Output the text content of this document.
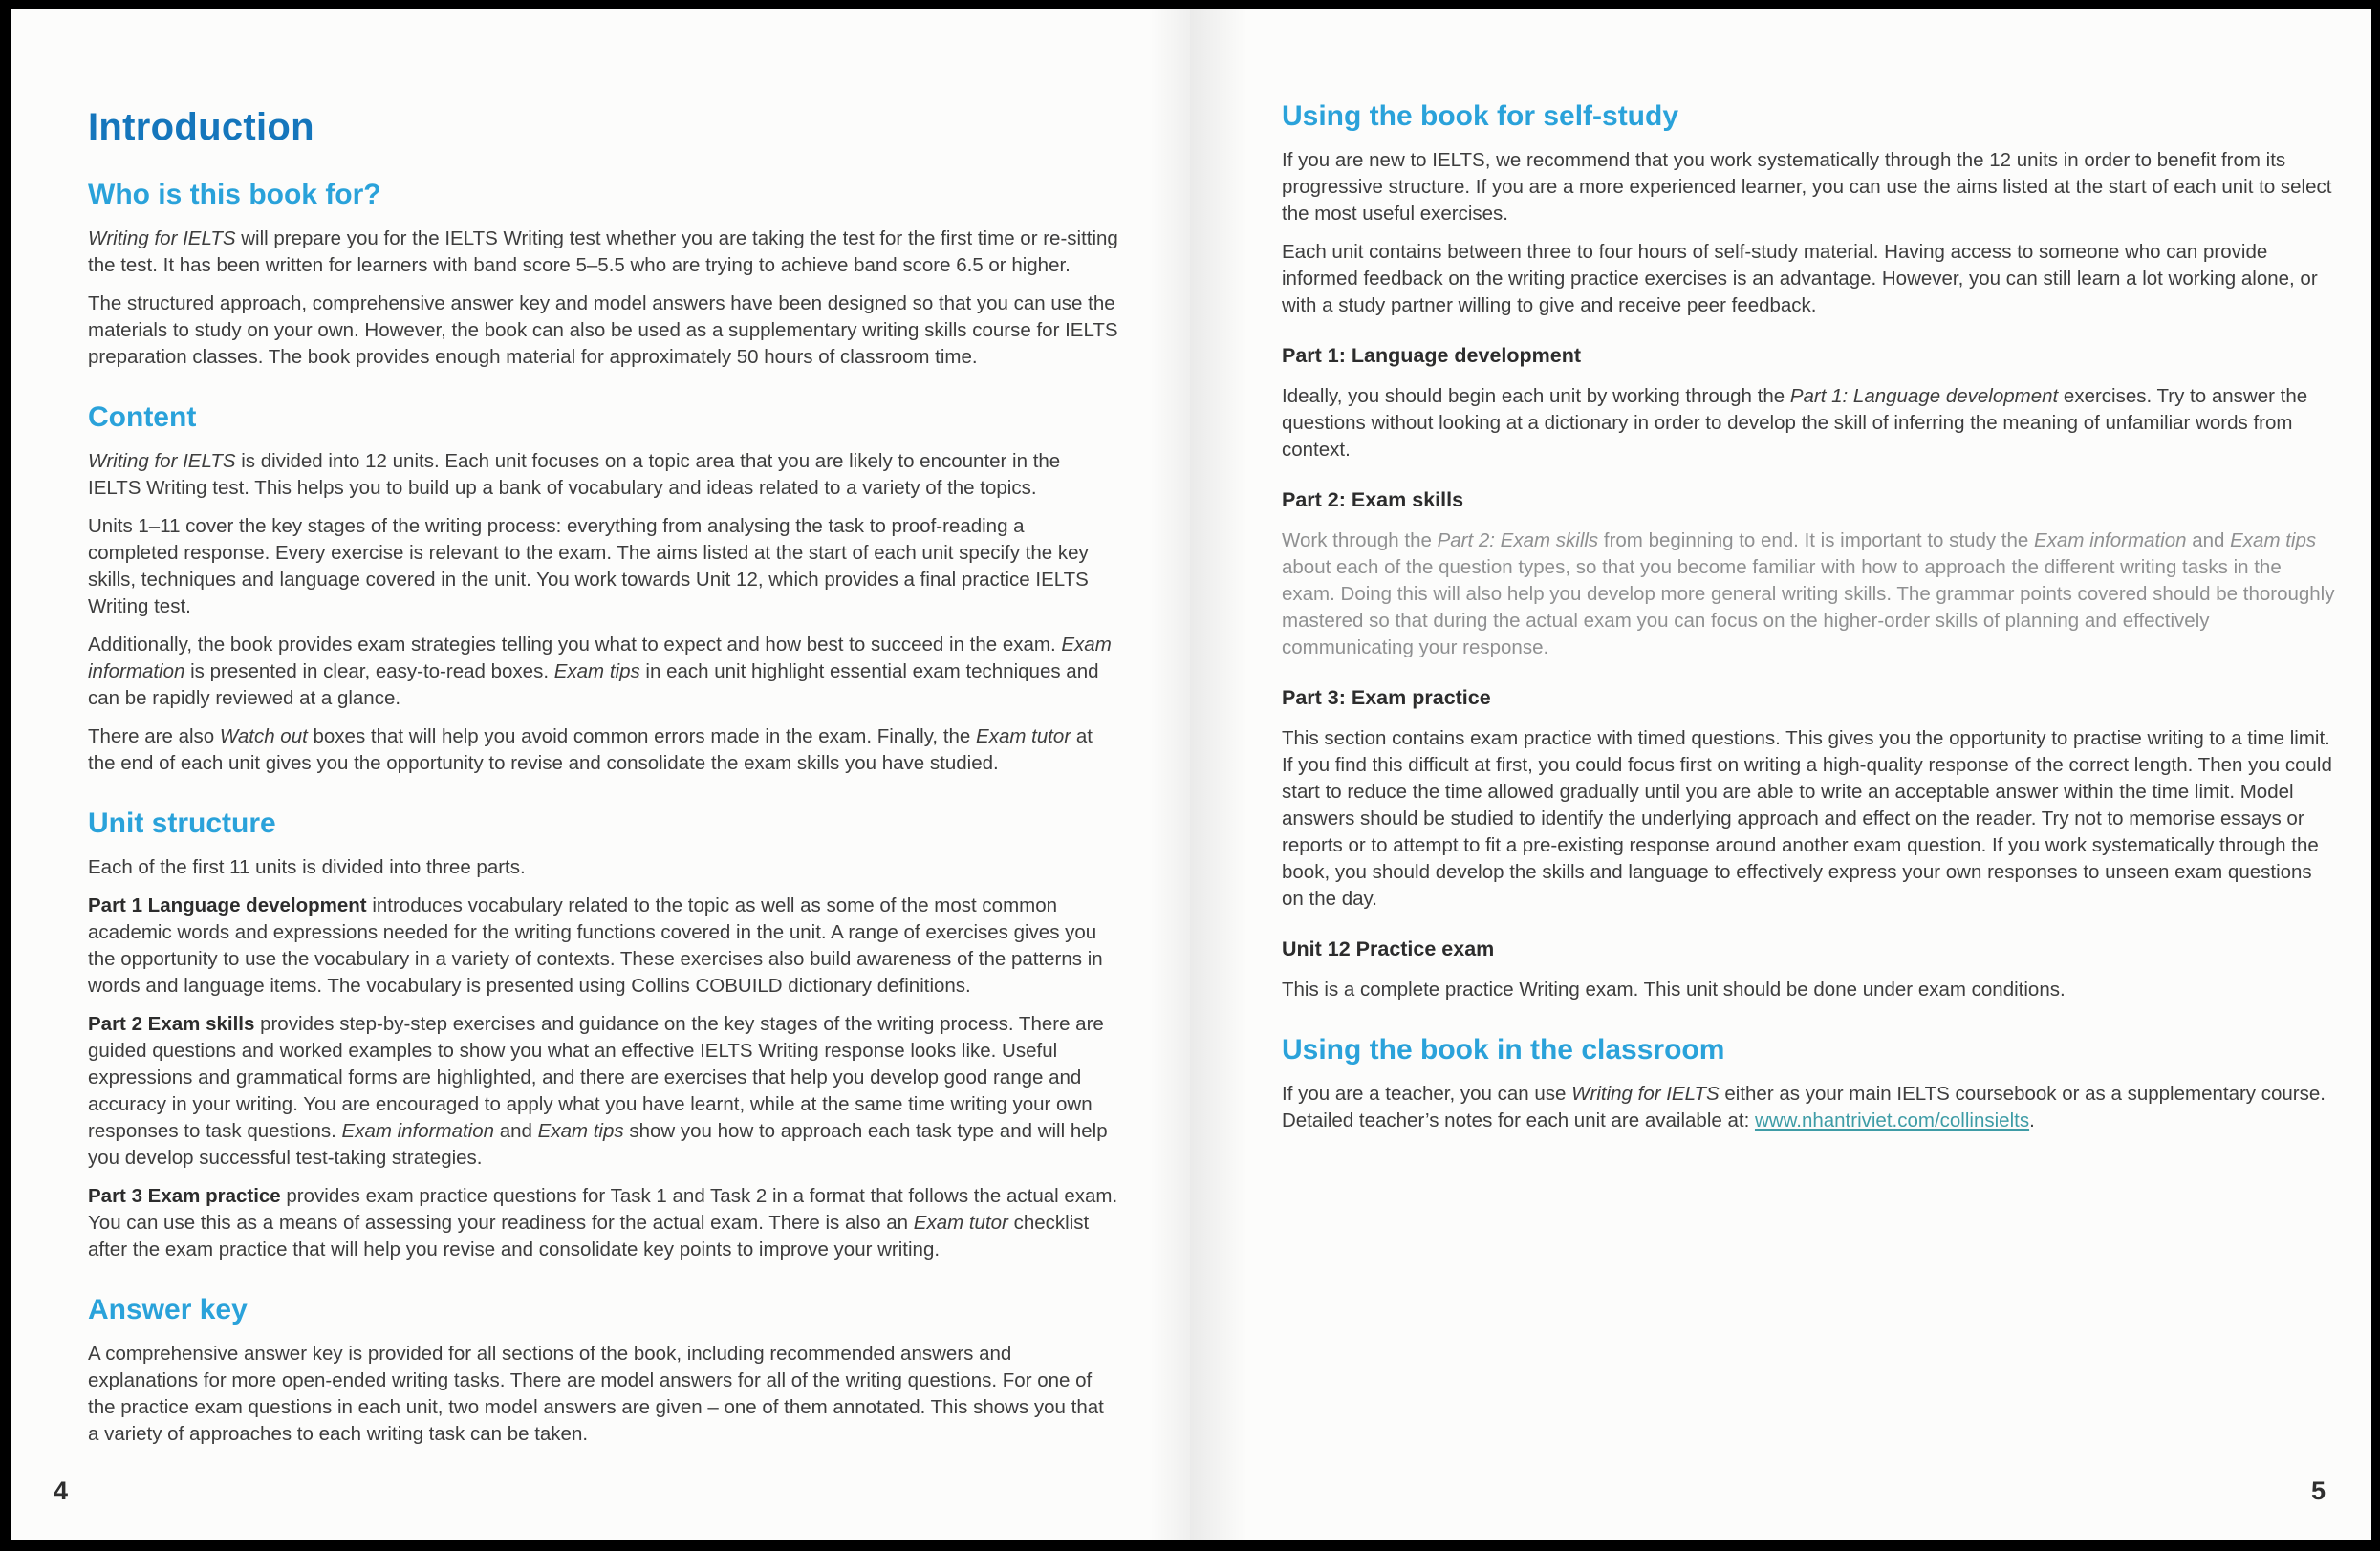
Introduction
Who is this book for?

Writing for IELTS will prepare you for the IELTS Writing test whether you are taking the test for the first time or re-sitting the test. It has been written for learners with band score 5–5.5 who are trying to achieve band score 6.5 or higher.

The structured approach, comprehensive answer key and model answers have been designed so that you can use the materials to study on your own. However, the book can also be used as a supplementary writing skills course for IELTS preparation classes. The book provides enough material for approximately 50 hours of classroom time.

Content

Writing for IELTS is divided into 12 units. Each unit focuses on a topic area that you are likely to encounter in the IELTS Writing test. This helps you to build up a bank of vocabulary and ideas related to a variety of the topics.

Units 1–11 cover the key stages of the writing process: everything from analysing the task to proof-reading a completed response. Every exercise is relevant to the exam. The aims listed at the start of each unit specify the key skills, techniques and language covered in the unit. You work towards Unit 12, which provides a final practice IELTS Writing test.

Additionally, the book provides exam strategies telling you what to expect and how best to succeed in the exam. Exam information is presented in clear, easy-to-read boxes. Exam tips in each unit highlight essential exam techniques and can be rapidly reviewed at a glance.

There are also Watch out boxes that will help you avoid common errors made in the exam. Finally, the Exam tutor at the end of each unit gives you the opportunity to revise and consolidate the exam skills you have studied.

Unit structure

Each of the first 11 units is divided into three parts.

Part 1 Language development introduces vocabulary related to the topic as well as some of the most common academic words and expressions needed for the writing functions covered in the unit. A range of exercises gives you the opportunity to use the vocabulary in a variety of contexts. These exercises also build awareness of the patterns in words and language items. The vocabulary is presented using Collins COBUILD dictionary definitions.

Part 2 Exam skills provides step-by-step exercises and guidance on the key stages of the writing process. There are guided questions and worked examples to show you what an effective IELTS Writing response looks like. Useful expressions and grammatical forms are highlighted, and there are exercises that help you develop good range and accuracy in your writing. You are encouraged to apply what you have learnt, while at the same time writing your own responses to task questions. Exam information and Exam tips show you how to approach each task type and will help you develop successful test-taking strategies.

Part 3 Exam practice provides exam practice questions for Task 1 and Task 2 in a format that follows the actual exam. You can use this as a means of assessing your readiness for the actual exam. There is also an Exam tutor checklist after the exam practice that will help you revise and consolidate key points to improve your writing.

Answer key

A comprehensive answer key is provided for all sections of the book, including recommended answers and explanations for more open-ended writing tasks. There are model answers for all of the writing questions. For one of the practice exam questions in each unit, two model answers are given – one of them annotated. This shows you that a variety of approaches to each writing task can be taken.

4
Using the book for self-study

If you are new to IELTS, we recommend that you work systematically through the 12 units in order to benefit from its progressive structure. If you are a more experienced learner, you can use the aims listed at the start of each unit to select the most useful exercises.

Each unit contains between three to four hours of self-study material. Having access to someone who can provide informed feedback on the writing practice exercises is an advantage. However, you can still learn a lot working alone, or with a study partner willing to give and receive peer feedback.

Part 1: Language development

Ideally, you should begin each unit by working through the Part 1: Language development exercises. Try to answer the questions without looking at a dictionary in order to develop the skill of inferring the meaning of unfamiliar words from context.

Part 2: Exam skills

Work through the Part 2: Exam skills from beginning to end. It is important to study the Exam information and Exam tips about each of the question types, so that you become familiar with how to approach the different writing tasks in the exam. Doing this will also help you develop more general writing skills. The grammar points covered should be thoroughly mastered so that during the actual exam you can focus on the higher-order skills of planning and effectively communicating your response.

Part 3: Exam practice

This section contains exam practice with timed questions. This gives you the opportunity to practise writing to a time limit. If you find this difficult at first, you could focus first on writing a high-quality response of the correct length. Then you could start to reduce the time allowed gradually until you are able to write an acceptable answer within the time limit. Model answers should be studied to identify the underlying approach and effect on the reader. Try not to memorise essays or reports or to attempt to fit a pre-existing response around another exam question. If you work systematically through the book, you should develop the skills and language to effectively express your own responses to unseen exam questions on the day.

Unit 12 Practice exam

This is a complete practice Writing exam. This unit should be done under exam conditions.

Using the book in the classroom

If you are a teacher, you can use Writing for IELTS either as your main IELTS coursebook or as a supplementary course. Detailed teacher’s notes for each unit are available at: www.nhantriviet.com/collinsielts.

5
